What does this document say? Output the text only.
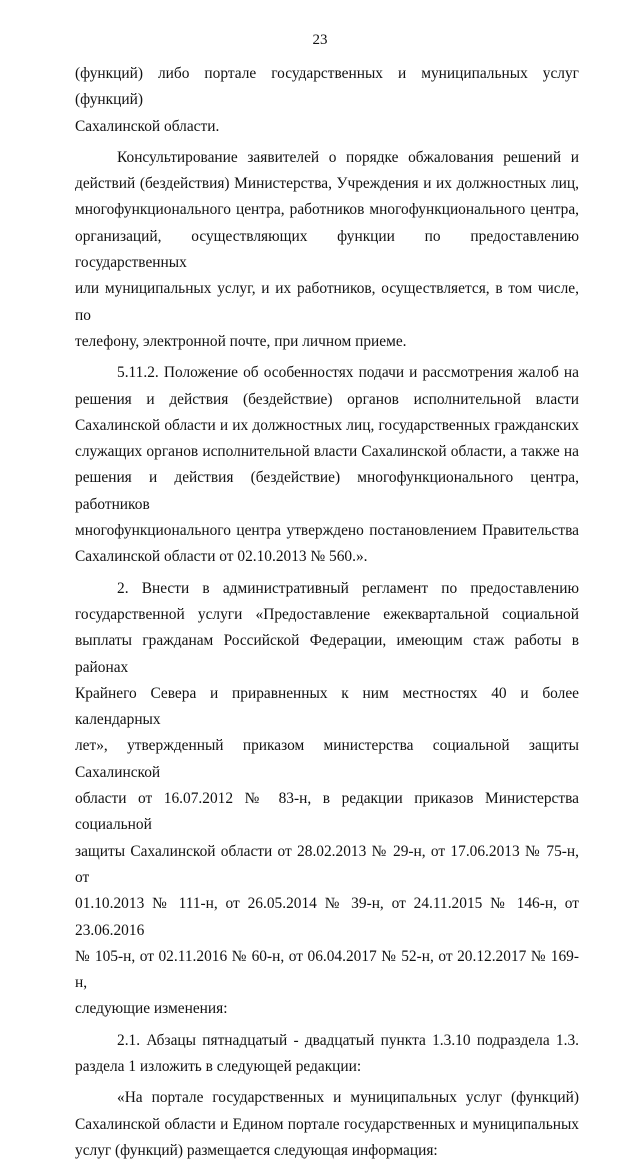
23
(функций) либо портале государственных и муниципальных услуг (функций)
Сахалинской области.
Консультирование заявителей о порядке обжалования решений и
действий (бездействия) Министерства, Учреждения и их должностных лиц,
многофункционального центра, работников многофункционального центра,
организаций, осуществляющих функции по предоставлению государственных
или муниципальных услуг, и их работников, осуществляется, в том числе, по
телефону, электронной почте, при личном приеме.
5.11.2. Положение об особенностях подачи и рассмотрения жалоб на
решения и действия (бездействие) органов исполнительной власти
Сахалинской области и их должностных лиц, государственных гражданских
служащих органов исполнительной власти Сахалинской области, а также на
решения и действия (бездействие) многофункционального центра, работников
многофункционального центра утверждено постановлением Правительства
Сахалинской области от 02.10.2013 № 560.».
2. Внести в административный регламент по предоставлению
государственной услуги «Предоставление ежеквартальной социальной
выплаты гражданам Российской Федерации, имеющим стаж работы в районах
Крайнего Севера и приравненных к ним местностях 40 и более календарных
лет», утвержденный приказом министерства социальной защиты Сахалинской
области от 16.07.2012 № 83-н, в редакции приказов Министерства социальной
защиты Сахалинской области от 28.02.2013 № 29-н, от 17.06.2013 № 75-н, от
01.10.2013 № 111-н, от 26.05.2014 № 39-н, от 24.11.2015 № 146-н, от 23.06.2016
№ 105-н, от 02.11.2016 № 60-н, от 06.04.2017 № 52-н, от 20.12.2017 № 169-н,
следующие изменения:
2.1. Абзацы пятнадцатый - двадцатый пункта 1.3.10 подраздела 1.3.
раздела 1 изложить в следующей редакции:
«На портале государственных и муниципальных услуг (функций)
Сахалинской области и Едином портале государственных и муниципальных
услуг (функций) размещается следующая информация:
